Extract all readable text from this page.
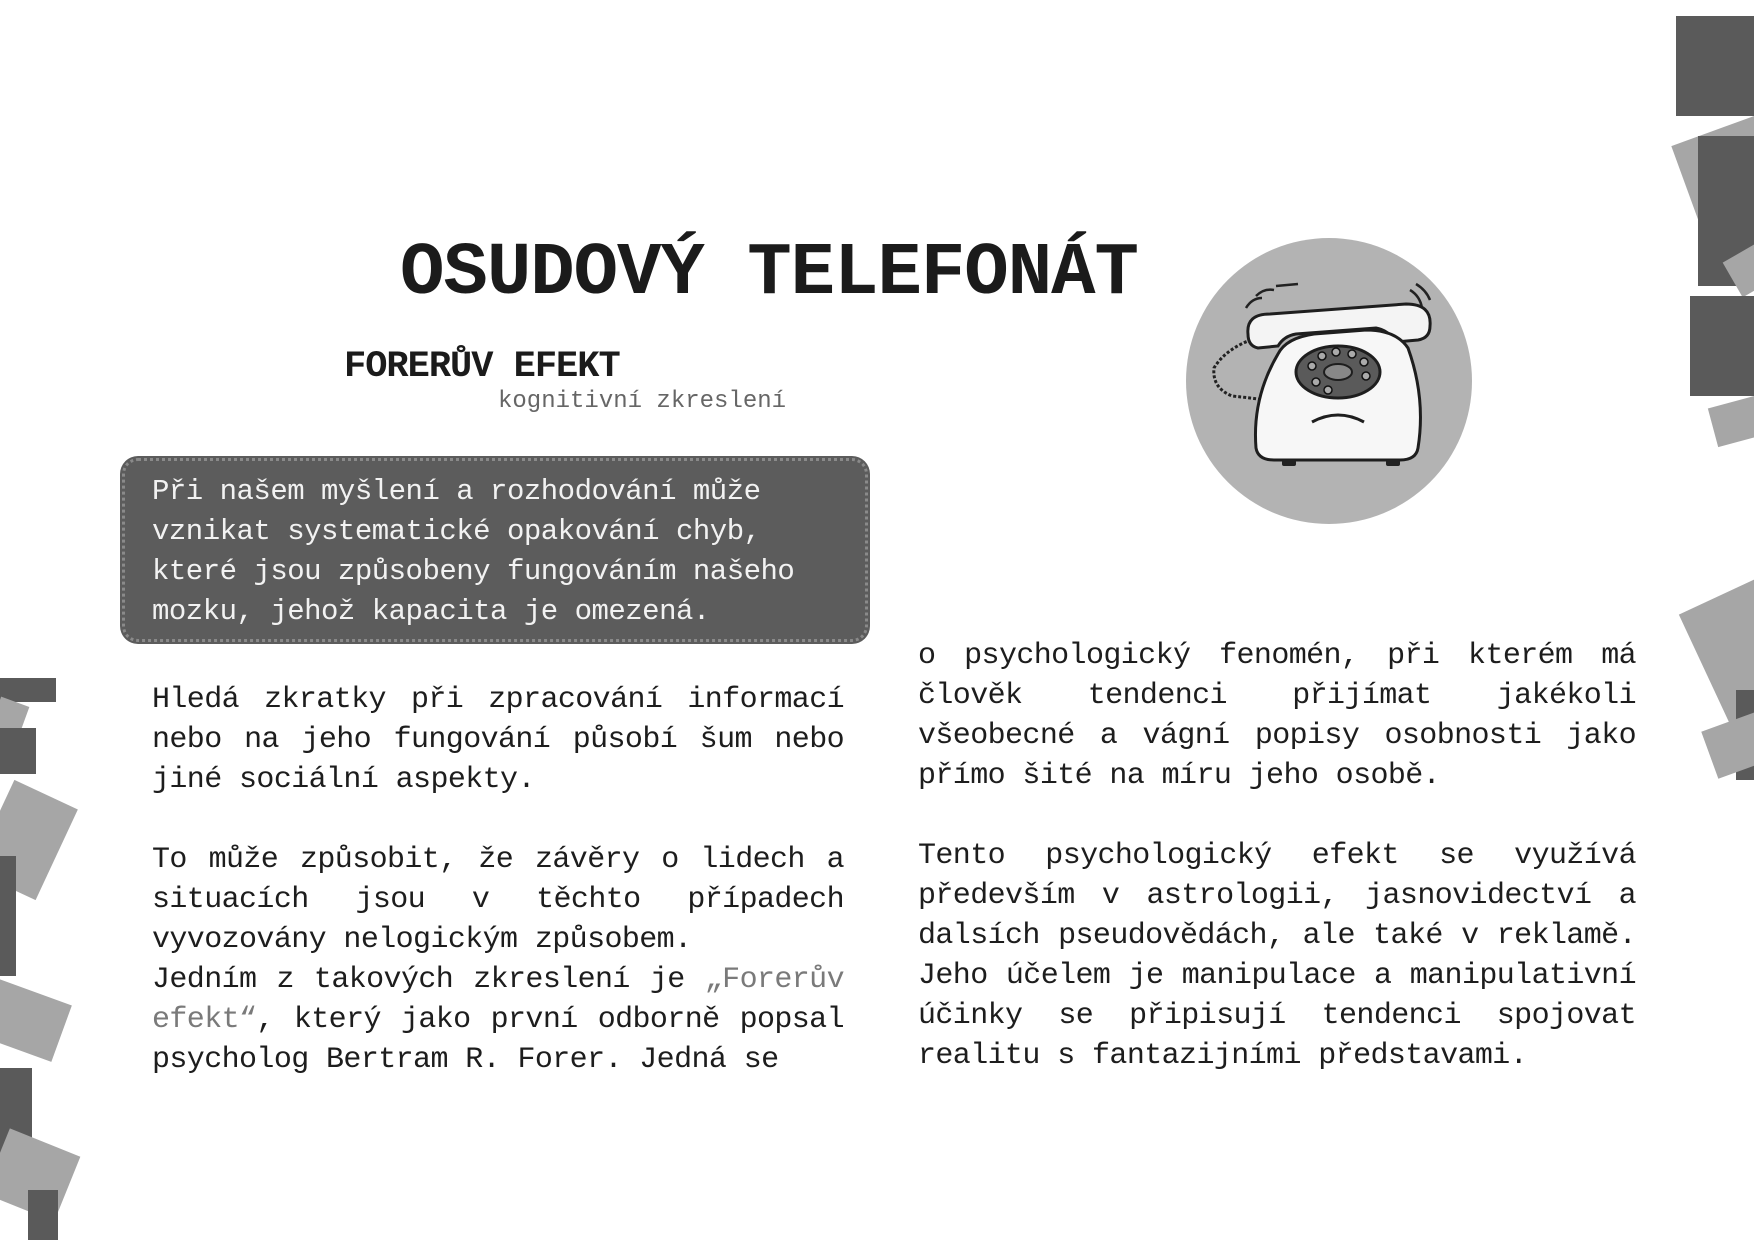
OSUDOVÝ TELEFONÁT
FORERŮV EFEKT
kognitivní zkreslení
Při našem myšlení a rozhodování může vznikat systematické opakování chyb, které jsou způsobeny fungováním našeho mozku, jehož kapacita je omezená.

Hledá zkratky při zpracování informací nebo na jeho fungování působí šum nebo jiné sociální aspekty.

To může způsobit, že závěry o lidech a situacích jsou v těchto případech vyvozovány nelogickým způsobem.

Jedním z takových zkreslení je „Forerův efekt“, který jako první odborně popsal psycholog Bertram R. Forer. Jedná se

o psychologický fenomén, při kterém má člověk tendenci přijímat jakékoli všeobecné a vágní popisy osobnosti jako přímo šité na míru jeho osobě.

Tento psychologický efekt se využívá především v astrologii, jasnovidectví a dalsích pseudovědách, ale také v reklamě. Jeho účelem je manipulace a manipulativní účinky se připisují tendenci spojovat realitu s fantazijními představami.
